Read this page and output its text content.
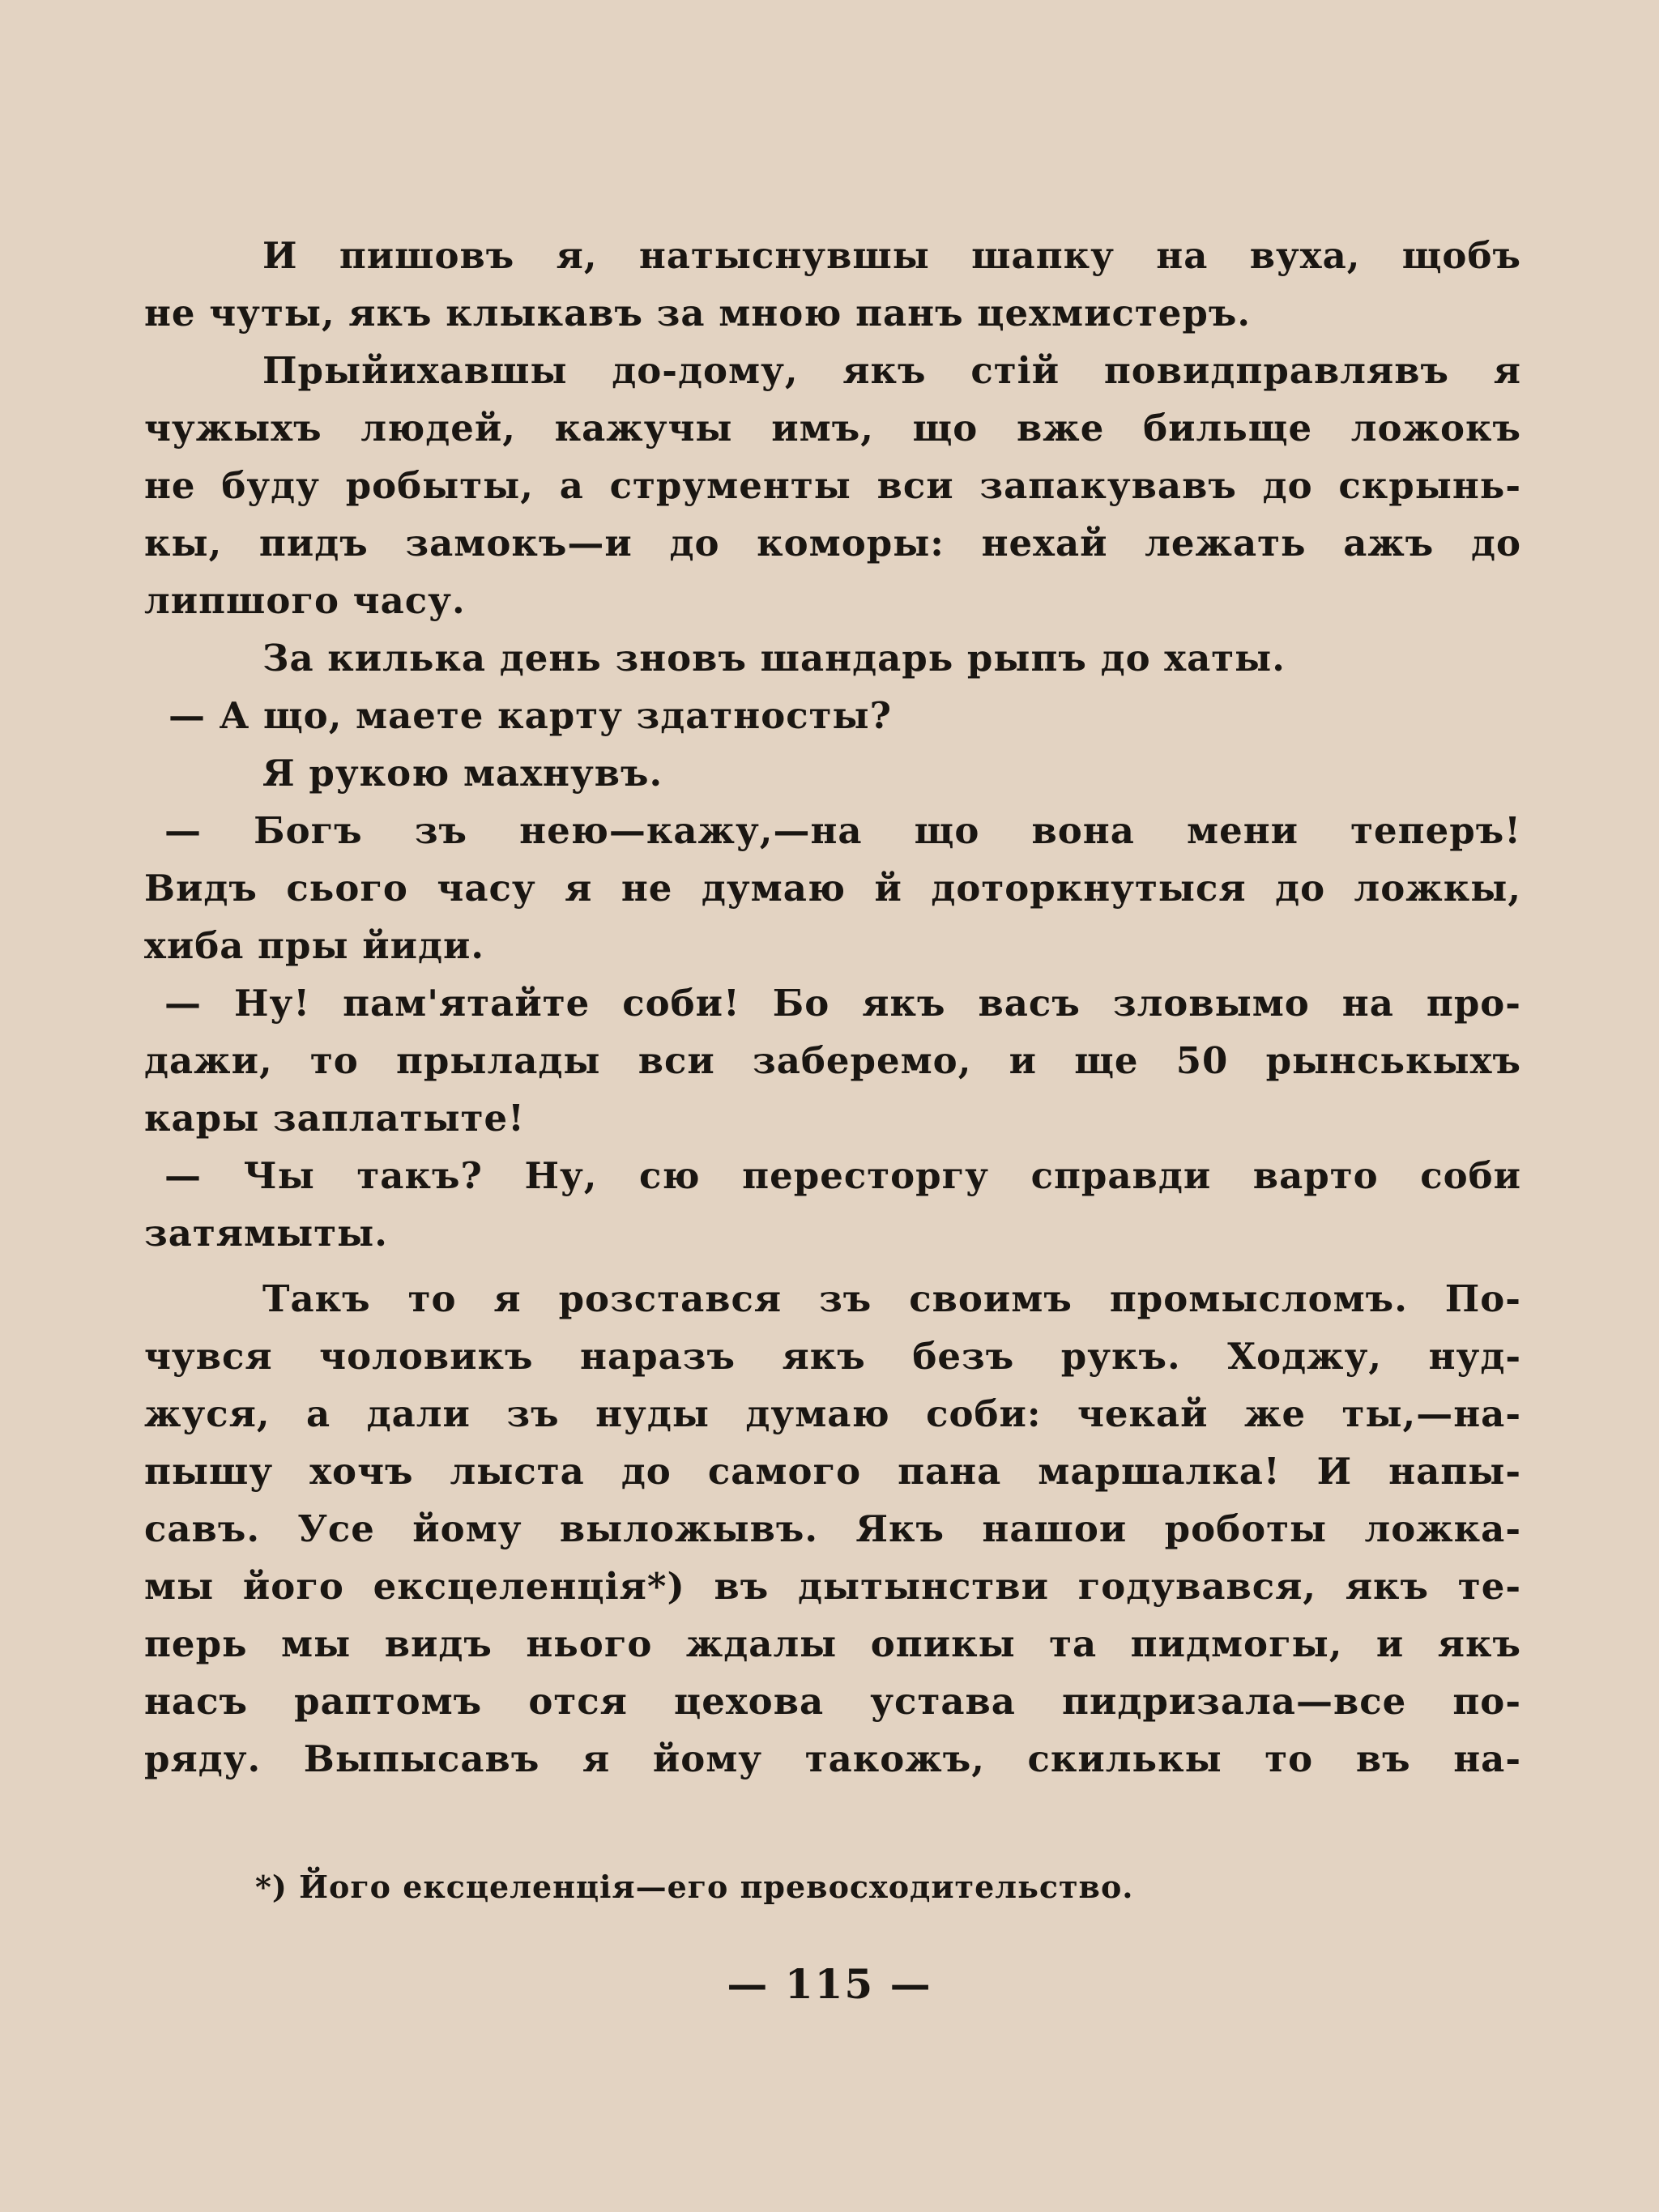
И пишовъ я, натыснувшы шапку на вуха, щобъ
не чуты, якъ клыкавъ за мною панъ цехмистеръ.
Прыйихавшы до-дому, якъ стій повидправлявъ я
чужыхъ людей, кажучы имъ, що вже бильще ложокъ
не буду робыты, а струменты вси запакувавъ до скрынь-
кы, пидъ замокъ—и до коморы: нехай лежать ажъ до
липшого часу.
За килька день зновъ шандарь рыпъ до хаты.
— А що, маете карту здатносты?
Я рукою махнувъ.
— Богъ зъ нею—кажу,—на що вона мени теперъ!
Видъ сього часу я не думаю й доторкнутыся до ложкы,
хиба пры йиди.
— Ну! пам'ятайте соби! Бо якъ васъ зловымо на про-
дажи, то прылады вси заберемо, и ще 50 рынськыхъ
кары заплатыте!
— Чы такъ? Ну, сю пересторгу справди варто соби
затямыты.
Такъ то я розстався зъ своимъ промысломъ. По-
чувся чоловикъ наразъ якъ безъ рукъ. Ходжу, нуд-
жуся, а дали зъ нуды думаю соби: чекай же ты,—на-
пышу хочъ лыста до самого пана маршалка! И напы-
савъ. Усе йому выложывъ. Якъ нашои роботы ложка-
мы його ексцеленція*) въ дытынстви годувався, якъ те-
перь мы видъ нього ждалы опикы та пидмогы, и якъ
насъ раптомъ отся цехова устава пидризала—все по-
ряду. Выпысавъ я йому такожъ, скилькы то въ на-
*) Його ексцеленція—его превосходительство.
— 115 —
